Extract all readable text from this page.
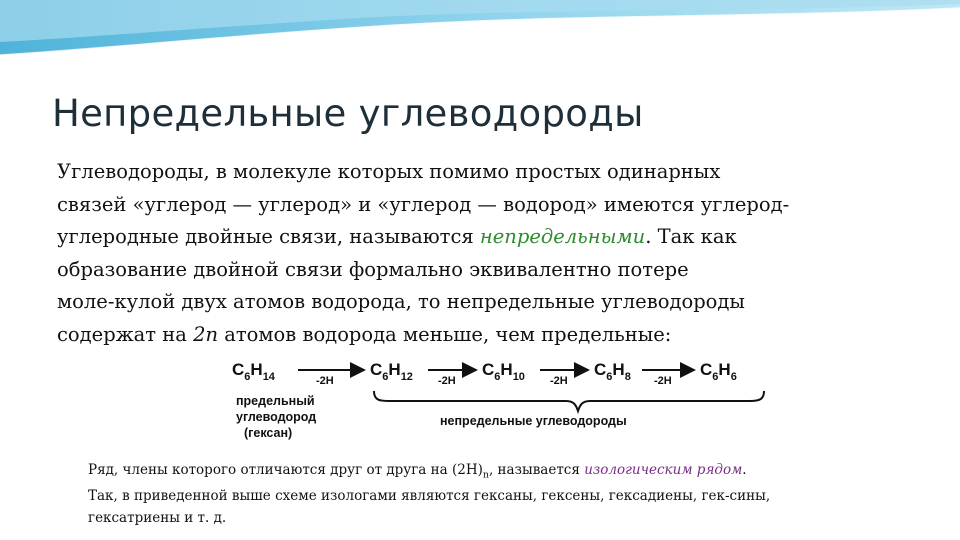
Непредельные углеводороды
Углеводороды, в молекуле которых помимо простых одинарных
связей «углерод — углерод» и «углерод — водород» имеются углерод-
углеродные двойные связи, называются непредельными. Так как
образование двойной связи формально эквивалентно потере
моле-кулой двух атомов водорода, то непредельные углеводороды
содержат на 2n атомов водорода меньше, чем предельные:
$C_6H_{14}$	$C_6H_{12}$	$C_6H_{10}$	$C_6H_8$	$C_6H_6$
-2H	-2H	-2H	-2H
предельный
углеводород
(гексан)
непредельные углеводороды
Ряд, члены которого отличаются друг от друга на $(2H)_n$, называется изологическим рядом.
Так, в приведенной выше схеме изологами являются гексаны, гексены, гексадиены, гек-сины,
гексатриены и т. д.
